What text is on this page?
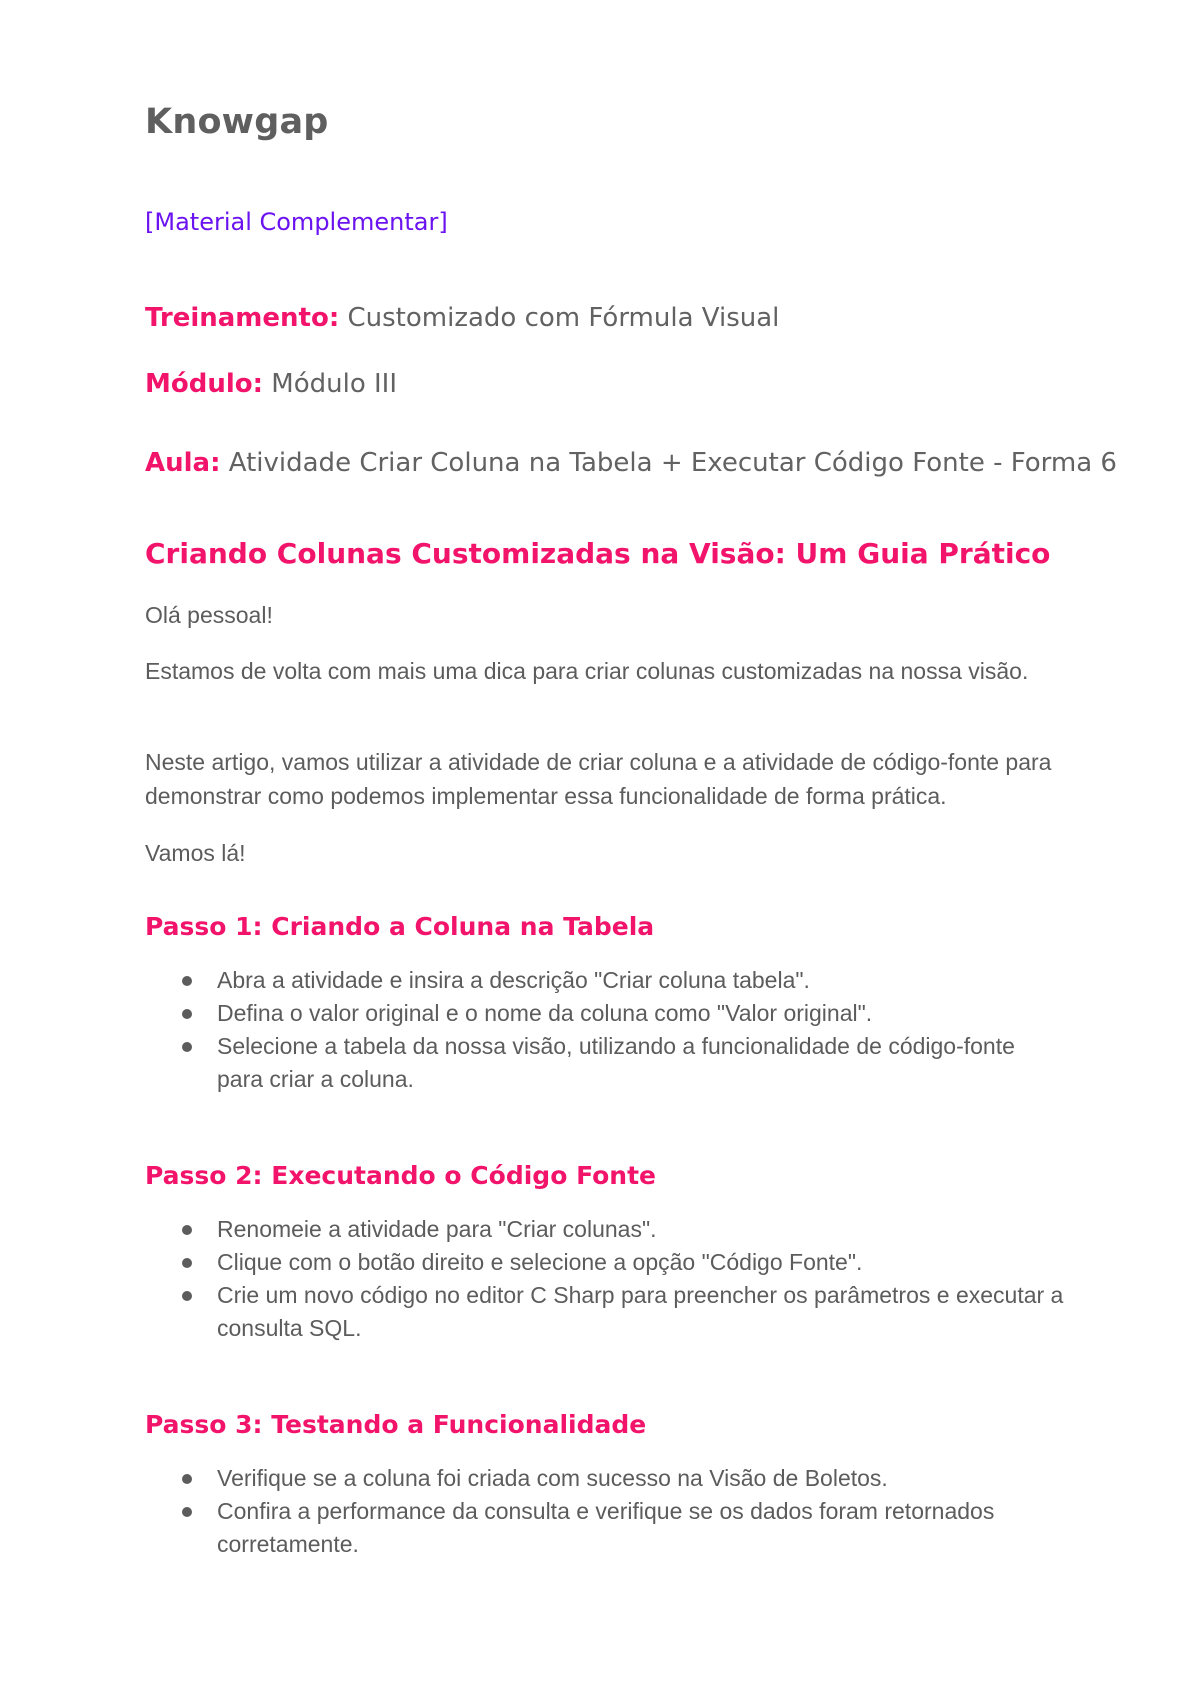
Knowgap

[Material Complementar]

Treinamento: Customizado com Fórmula Visual

Módulo: Módulo III

Aula: Atividade Criar Coluna na Tabela + Executar Código Fonte - Forma 6

Criando Colunas Customizadas na Visão: Um Guia Prático

Olá pessoal!

Estamos de volta com mais uma dica para criar colunas customizadas na nossa visão.

Neste artigo, vamos utilizar a atividade de criar coluna e a atividade de código-fonte para demonstrar como podemos implementar essa funcionalidade de forma prática.

Vamos lá!

Passo 1: Criando a Coluna na Tabela
Abra a atividade e insira a descrição "Criar coluna tabela".
Defina o valor original e o nome da coluna como "Valor original".
Selecione a tabela da nossa visão, utilizando a funcionalidade de código-fonte para criar a coluna.
Passo 2: Executando o Código Fonte
Renomeie a atividade para "Criar colunas".
Clique com o botão direito e selecione a opção "Código Fonte".
Crie um novo código no editor C Sharp para preencher os parâmetros e executar a consulta SQL.
Passo 3: Testando a Funcionalidade
Verifique se a coluna foi criada com sucesso na Visão de Boletos.
Confira a performance da consulta e verifique se os dados foram retornados corretamente.
